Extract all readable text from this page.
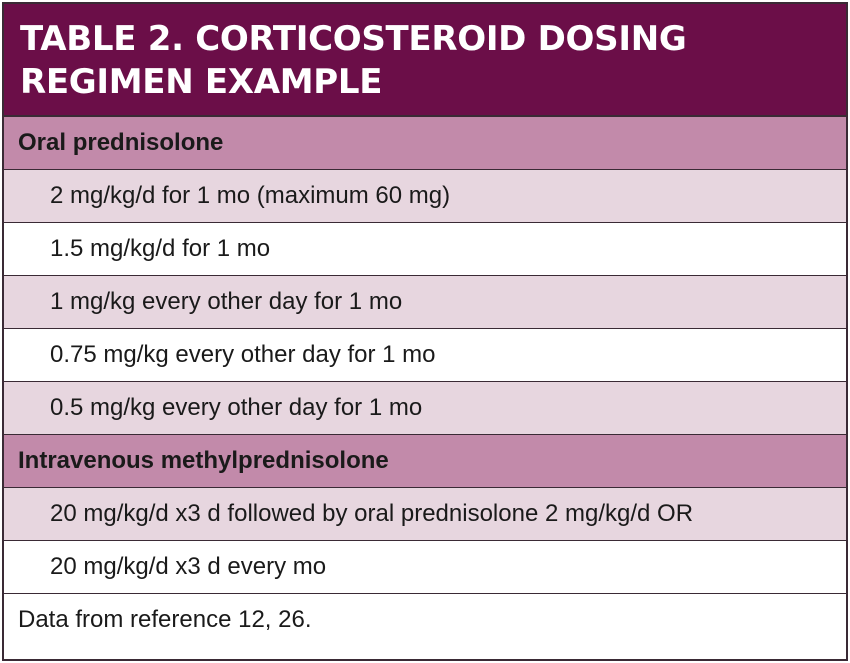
TABLE 2. CORTICOSTEROID DOSING REGIMEN EXAMPLE
Oral prednisolone
2 mg/kg/d for 1 mo (maximum 60 mg)
1.5 mg/kg/d for 1 mo
1 mg/kg every other day for 1 mo
0.75 mg/kg every other day for 1 mo
0.5 mg/kg every other day for 1 mo
Intravenous methylprednisolone
20 mg/kg/d x3 d followed by oral prednisolone 2 mg/kg/d OR
20 mg/kg/d x3 d every mo
Data from reference 12, 26.
